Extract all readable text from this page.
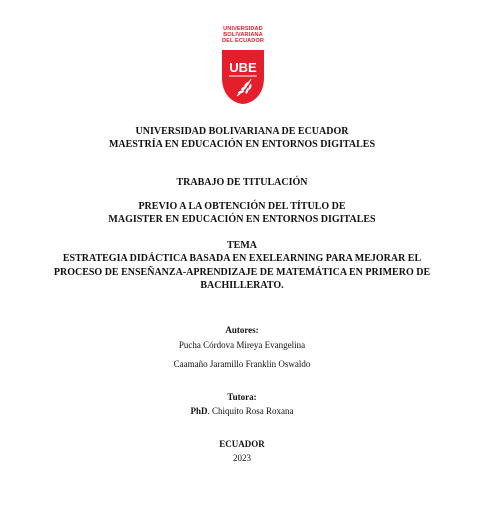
UNIVERSIDAD
BOLIVARIANA
DEL ECUADOR
UBE
UNIVERSIDAD BOLIVARIANA DE ECUADOR
MAESTRÍA EN EDUCACIÓN EN ENTORNOS DIGITALES
TRABAJO DE TITULACIÓN
PREVIO A LA OBTENCIÓN DEL TÍTULO DE
MAGISTER EN EDUCACIÓN EN ENTORNOS DIGITALES
TEMA
ESTRATEGIA DIDÁCTICA BASADA EN EXELEARNING PARA MEJORAR EL
PROCESO DE ENSEÑANZA-APRENDIZAJE DE MATEMÁTICA EN PRIMERO DE
BACHILLERATO.
Autores:
Pucha Córdova Mireya Evangelina
Caamaño Jaramillo Franklin Oswaldo
Tutora:
PhD. Chiquito Rosa Roxana
ECUADOR
2023
